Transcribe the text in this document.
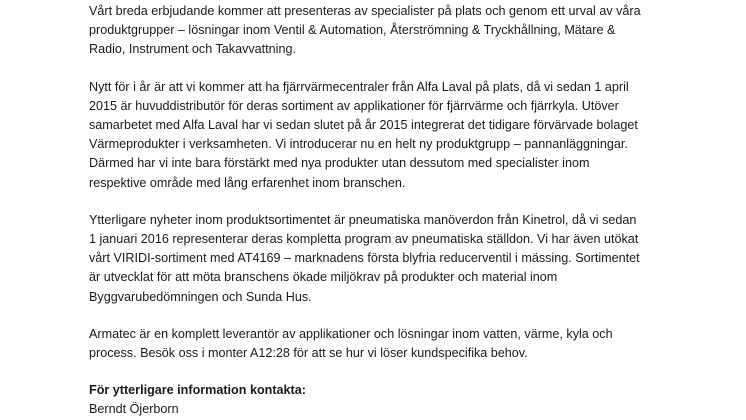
Vårt breda erbjudande kommer att presenteras av specialister på plats och genom ett urval av våra
produktgrupper – lösningar inom Ventil & Automation, Återströmning & Tryckhållning, Mätare &
Radio, Instrument och Takavvattning.

Nytt för i år är att vi kommer att ha fjärrvärmecentraler från Alfa Laval på plats, då vi sedan 1 april
2015 är huvuddistributör för deras sortiment av applikationer för fjärrvärme och fjärrkyla. Utöver
samarbetet med Alfa Laval har vi sedan slutet på år 2015 integrerat det tidigare förvärvade bolaget
Värmeprodukter i verksamheten. Vi introducerar nu en helt ny produktgrupp – pannanläggningar.
Därmed har vi inte bara förstärkt med nya produkter utan dessutom med specialister inom
respektive område med lång erfarenhet inom branschen.

Ytterligare nyheter inom produktsortimentet är pneumatiska manöverdon från Kinetrol, då vi sedan
1 januari 2016 representerar deras kompletta program av pneumatiska ställdon. Vi har även utökat
vårt VIRIDI-sortiment med AT4169 – marknadens första blyfria reducerventil i mässing. Sortimentet
är utvecklat för att möta branschens ökade miljökrav på produkter och material inom
Byggvarubedömningen och Sunda Hus.

Armatec är en komplett leverantör av applikationer och lösningar inom vatten, värme, kyla och
process. Besök oss i monter A12:28 för att se hur vi löser kundspecifika behov.

För ytterligare information kontakta:

Berndt Öjerborn
